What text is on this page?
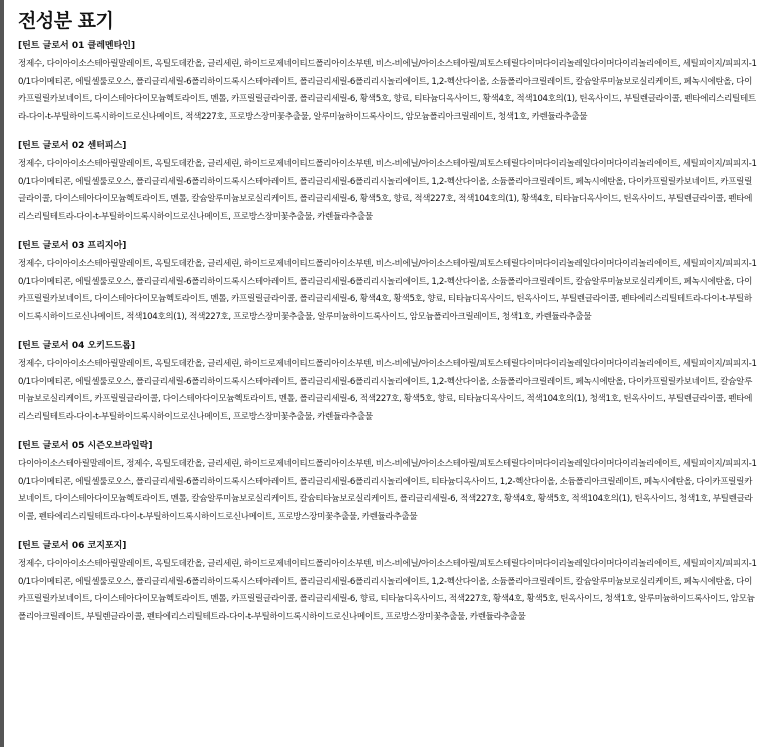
전성분 표기
[틴트 글로서 01 클레멘타인]
정제수, 다이아이소스테아릴말레이트, 옥틸도데칸올, 글리세린, 하이드로제네이티드폴리아이소부텐, 비스-비에닐/아이소스테아릴/피토스테릴다이머다이리놀레일다이머다이리놀리에이트, 세틸피이지/피피지-10/1다이메티콘, 에틸셀룰로오스, 폴리글리세릴-6폴리하이드록시스테아레이트, 폴리글리세릴-6폴리리시놀리에이트, 1,2-헥산다이올, 소듐폴리아크릴레이트, 칼슘알루미늄보로실리케이트, 페녹시에탄올, 다이카프릴릴카보네이트, 다이스테아다이모늄헥토라이트, 멘톨, 카프릴릴글라이콜, 폴리글리세릴-6, 황색5호, 향료, 티타늄디옥사이드, 황색4호, 적색104호의(1), 틴옥사이드, 부틸렌글라이콜, 펜타에리스리틸테트라-다이-t-부틸하이드록시하이드로신나메이트, 적색227호, 프로방스장미꽃추출물, 알루미늄하이드록사이드, 암모늄폴리아크릴레이트, 청색1호, 카렌듈라추출물
[틴트 글로서 02 센터피스]
정제수, 다이아이소스테아릴말레이트, 옥틸도데칸올, 글리세린, 하이드로제네이티드폴리아이소부텐, 비스-비에닐/아이소스테아릴/피토스테릴다이머다이리놀레일다이머다이리놀리에이트, 세틸피이지/피피지-10/1다이메티콘, 에틸셀룰로오스, 폴리글리세릴-6폴리하이드록시스테아레이트, 폴리글리세릴-6폴리리시놀리에이트, 1,2-헥산다이올, 소듐폴리아크릴레이트, 페녹시에탄올, 다이카프릴릴카보네이트, 카프릴릴글라이콜, 다이스테아다이모늄헥토라이트, 멘톨, 칼슘알루미늄보로실리케이트, 폴리글리세릴-6, 황색5호, 향료, 적색227호, 적색104호의(1), 황색4호, 티타늄디옥사이드, 틴옥사이드, 부틸렌글라이콜, 펜타에리스리틸테트라-다이-t-부틸하이드록시하이드로신나메이트, 프로방스장미꽃추출물, 카렌듈라추출물
[틴트 글로서 03 프리지아]
정제수, 다이아이소스테아릴말레이트, 옥틸도데칸올, 글리세린, 하이드로제네이티드폴리아이소부텐, 비스-비에닐/아이소스테아릴/피토스테릴다이머다이리놀레일다이머다이리놀리에이트, 세틸피이지/피피지-10/1다이메티콘, 에틸셀룰로오스, 폴리글리세릴-6폴리하이드록시스테아레이트, 폴리글리세릴-6폴리리시놀리에이트, 1,2-헥산다이올, 소듐폴리아크릴레이트, 칼슘알루미늄보로실리케이트, 페녹시에탄올, 다이카프릴릴카보네이트, 다이스테아다이모늄헥토라이트, 멘톨, 카프릴릴글라이콜, 폴리글리세릴-6, 황색4호, 황색5호, 향료, 티타늄디옥사이드, 틴옥사이드, 부틸렌글라이콜, 펜타에리스리틸테트라-다이-t-부틸하이드록시하이드로신나메이트, 적색104호의(1), 적색227호, 프로방스장미꽃추출물, 알루미늄하이드록사이드, 암모늄폴리아크릴레이트, 청색1호, 카렌듈라추출물
[틴트 글로서 04 오키드드롭]
정제수, 다이아이소스테아릴말레이트, 옥틸도데칸올, 글리세린, 하이드로제네이티드폴리아이소부텐, 비스-비에닐/아이소스테아릴/피토스테릴다이머다이리놀레일다이머다이리놀리에이트, 세틸피이지/피피지-10/1다이메티콘, 에틸셀룰로오스, 폴리글리세릴-6폴리하이드록시스테아레이트, 폴리글리세릴-6폴리리시놀리에이트, 1,2-헥산다이올, 소듐폴리아크릴레이트, 페녹시에탄올, 다이카프릴릴카보네이트, 칼슘알루미늄보로실리케이트, 카프릴릴글라이콜, 다이스테아다이모늄헥토라이트, 멘톨, 폴리글리세릴-6, 적색227호, 황색5호, 향료, 티타늄디옥사이드, 적색104호의(1), 청색1호, 틴옥사이드, 부틸렌글라이콜, 펜타에리스리틸테트라-다이-t-부틸하이드록시하이드로신나메이트, 프로방스장미꽃추출물, 카렌듈라추출물
[틴트 글로서 05 시즌오브라일락]
다이아이소스테아릴말레이트, 정제수, 옥틸도데칸올, 글리세린, 하이드로제네이티드폴리아이소부텐, 비스-비에닐/아이소스테아릴/피토스테릴다이머다이리놀레일다이머다이리놀리에이트, 세틸피이지/피피지-10/1다이메티콘, 에틸셀룰로오스, 폴리글리세릴-6폴리하이드록시스테아레이트, 폴리글리세릴-6폴리리시놀리에이트, 티타늄디옥사이드, 1,2-헥산다이올, 소듐폴리아크릴레이트, 페녹시에탄올, 다이카프릴릴카보네이트, 다이스테아다이모늄헥토라이트, 멘톨, 칼슘알루미늄보로실리케이트, 칼슘티타늄보로실리케이트, 폴리글리세릴-6, 적색227호, 황색4호, 황색5호, 적색104호의(1), 틴옥사이드, 청색1호, 부틸렌글라이콜, 펜타에리스리틸테트라-다이-t-부틸하이드록시하이드로신나메이트, 프로방스장미꽃추출물, 카렌듈라추출물
[틴트 글로서 06 코지포지]
정제수, 다이아이소스테아릴말레이트, 옥틸도데칸올, 글리세린, 하이드로제네이티드폴리아이소부텐, 비스-비에닐/아이소스테아릴/피토스테릴다이머다이리놀레일다이머다이리놀리에이트, 세틸피이지/피피지-10/1다이메티콘, 에틸셀룰로오스, 폴리글리세릴-6폴리하이드록시스테아레이트, 폴리글리세릴-6폴리리시놀리에이트, 1,2-헥산다이올, 소듐폴리아크릴레이트, 칼슘알루미늄보로실리케이트, 페녹시에탄올, 다이카프릴릴카보네이트, 다이스테아다이모늄헥토라이트, 멘톨, 카프릴릴글라이콜, 폴리글리세릴-6, 향료, 티타늄디옥사이드, 적색227호, 황색4호, 황색5호, 틴옥사이드, 청색1호, 알루미늄하이드록사이드, 암모늄폴리아크릴레이트, 부틸렌글라이콜, 펜타에리스리틸테트라-다이-t-부틸하이드록시하이드로신나메이트, 프로방스장미꽃추출물, 카렌듈라추출물
